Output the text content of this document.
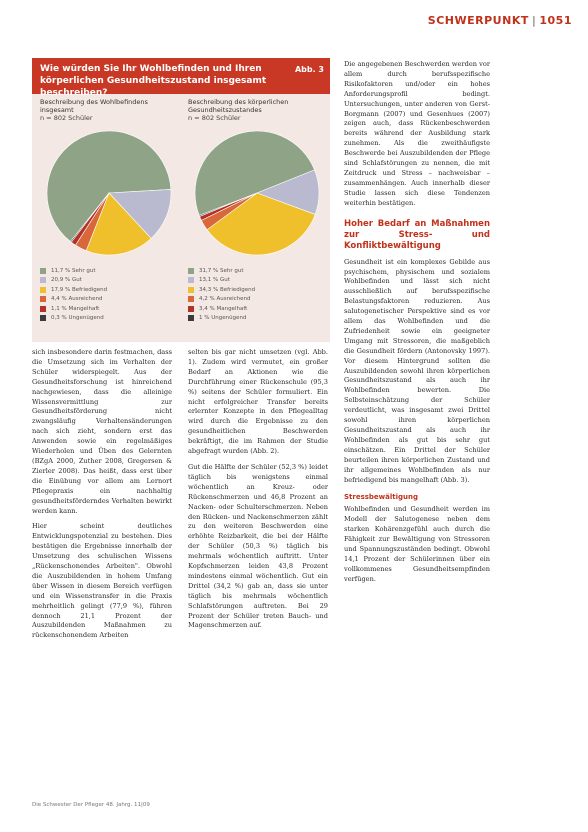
SCHWERPUNKT | 1051
Wie würden Sie Ihr Wohlbefinden und Ihren körperlichen Gesundheitszustand insgesamt beschreiben?
Abb. 3
Beschreibung des Wohlbefindens insgesamt
n = 802 Schüler
11,7 % Sehr gut
20,9 % Gut
17,9 % Befriedigend
4,4 % Ausreichend
1,1 % Mangelhaft
0,3 % Ungenügend
Beschreibung des körperlichen Gesundheitszustandes
n = 802 Schüler
31,7 % Sehr gut
13,1 % Gut
34,3 % Befriedigend
4,2 % Ausreichend
3,4 % Mangelhaft
1 % Ungenügend

sich insbesondere darin festmachen, dass die Umsetzung sich im Verhalten der Schüler widerspiegelt. Aus der Gesundheitsforschung ist hinreichend nachgewiesen, dass die alleinige Wissensvermittlung zur Gesundheitsförderung nicht zwangsläufig Verhaltensänderungen nach sich zieht, sondern erst das Anwenden sowie ein regelmäßiges Wiederholen und Üben des Gelernten (BZgA 2000, Zuther 2008, Gregersen & Zierler 2008). Das heißt, dass erst über die Einübung vor allem am Lernort Pflegepraxis ein nachhaltig gesundheitsförderndes Verhalten bewirkt werden kann.

Hier scheint deutliches Entwicklungspotenzial zu bestehen. Dies bestätigen die Ergebnisse innerhalb der Umsetzung des schulischen Wissens „Rückenschonendes Arbeiten". Obwohl die Auszubildenden in hohem Umfang über Wissen in diesem Bereich verfügen und ein Wissenstransfer in die Praxis mehrheitlich gelingt (77,9 %), führen dennoch 21,1 Prozent der Auszubildenden Maßnahmen zu rückenschonendem Arbeiten

selten bis gar nicht umsetzen (vgl. Abb. 1). Zudem wird vermutet, ein großer Bedarf an Aktionen wie die Durchführung einer Rückenschule (95,3 %) seitens der Schüler formuliert. Ein nicht erfolgreicher Transfer bereits erlernter Konzepte in den Pflegealltag wird durch die Ergebnisse zu den gesundheitlichen Beschwerden bekräftigt, die im Rahmen der Studie abgefragt wurden (Abb. 2).

Gut die Hälfte der Schüler (52,3 %) leidet täglich bis wenigstens einmal wöchentlich an Kreuz- oder Rückenschmerzen und 46,8 Prozent an Nacken- oder Schulterschmerzen. Neben den Rücken- und Nackenschmerzen zählt zu den weiteren Beschwerden eine erhöhte Reizbarkeit, die bei der Hälfte der Schüler (50,3 %) täglich bis mehrmals wöchentlich auftritt. Unter Kopfschmerzen leiden 43,8 Prozent mindestens einmal wöchentlich. Gut ein Drittel (34,2 %) gab an, dass sie unter täglich bis mehrmals wöchentlich Schlafstörungen auftreten. Bei 29 Prozent der Schüler treten Bauch- und Magenschmerzen auf.

Die angegebenen Beschwerden werden vor allem durch berufsspezifische Risikofaktoren und/oder ein hohes Anforderungsprofil bedingt. Untersuchungen, unter anderen von Gerst-Borgmann (2007) und Gesenhues (2007) zeigen auch, dass Rückenbeschwerden bereits während der Ausbildung stark zunehmen. Als die zweithäufigste Beschwerde bei Auszubildenden der Pflege sind Schlafstörungen zu nennen, die mit Zeitdruck und Stress – nachweisbar – zusammenhängen. Auch innerhalb dieser Studie lassen sich diese Tendenzen weiterhin bestätigen.

Hoher Bedarf an Maßnahmen zur Stress- und Konfliktbewältigung

Gesundheit ist ein komplexes Gebilde aus psychischem, physischem und sozialem Wohlbefinden und lässt sich nicht ausschließlich auf berufsspezifische Belastungsfaktoren reduzieren. Aus salutogenetischer Perspektive sind es vor allem das Wohlbefinden und die Zufriedenheit sowie ein geeigneter Umgang mit Stressoren, die maßgeblich die Gesundheit fördern (Antonovsky 1997). Vor diesem Hintergrund sollten die Auszubildenden sowohl ihren körperlichen Gesundheitszustand als auch ihr Wohlbefinden bewerten. Die Selbsteinschätzung der Schüler verdeutlicht, was insgesamt zwei Drittel sowohl ihren körperlichen Gesundheitszustand als auch ihr Wohlbefinden als gut bis sehr gut einschätzen. Ein Drittel der Schüler beurteilen ihren körperlichen Zustand und ihr allgemeines Wohlbefinden als nur befriedigend bis mangelhaft (Abb. 3).

Stressbewältigung

Wohlbefinden und Gesundheit werden im Modell der Salutogenese neben dem starken Kohärenzgefühl auch durch die Fähigkeit zur Bewältigung von Stressoren und Spannungszuständen bedingt. Obwohl 14,1 Prozent der Schülerinnen über ein vollkommenes Gesundheitsempfinden verfügen.

Die Schwester Der Pfleger 48. Jahrg. 11|09
